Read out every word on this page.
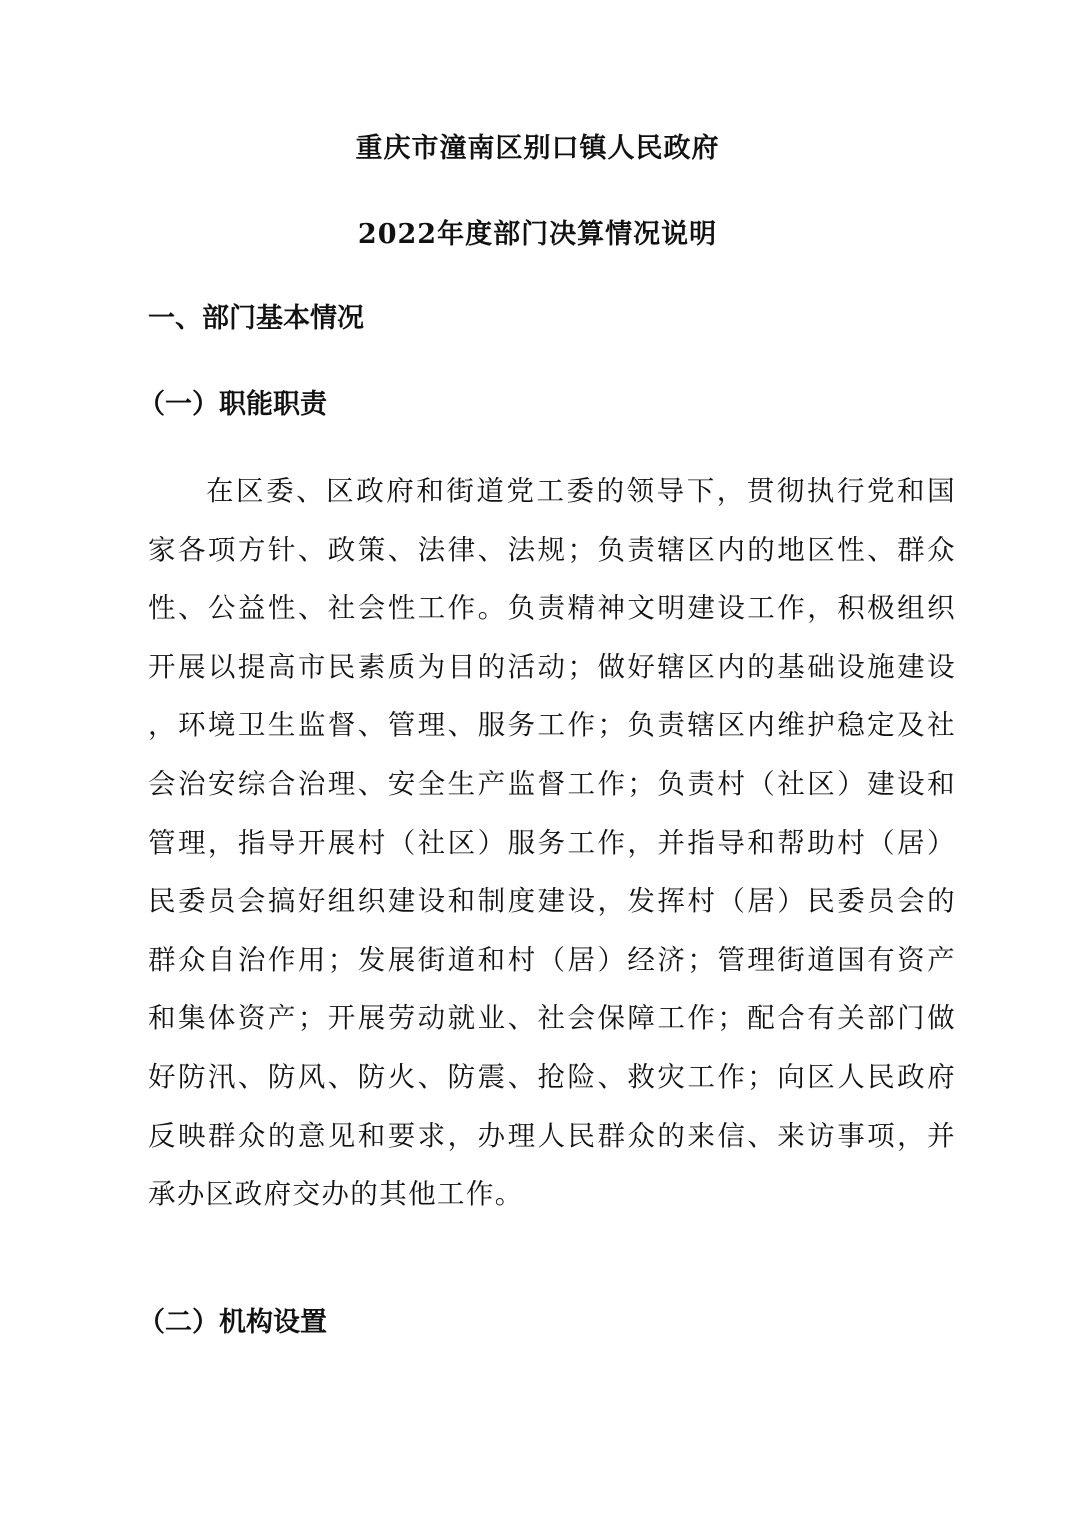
重庆市潼南区别口镇人民政府
2022年度部门决算情况说明
一、部门基本情况
（一）职能职责
在区委、区政府和街道党工委的领导下，贯彻执行党和国家各项方针、政策、法律、法规；负责辖区内的地区性、群众性、公益性、社会性工作。负责精神文明建设工作，积极组织开展以提高市民素质为目的活动；做好辖区内的基础设施建设，环境卫生监督、管理、服务工作；负责辖区内维护稳定及社会治安综合治理、安全生产监督工作；负责村（社区）建设和管理，指导开展村（社区）服务工作，并指导和帮助村（居）民委员会搞好组织建设和制度建设，发挥村（居）民委员会的群众自治作用；发展街道和村（居）经济；管理街道国有资产和集体资产；开展劳动就业、社会保障工作；配合有关部门做好防汛、防风、防火、防震、抢险、救灾工作；向区人民政府反映群众的意见和要求，办理人民群众的来信、来访事项，并承办区政府交办的其他工作。
（二）机构设置
